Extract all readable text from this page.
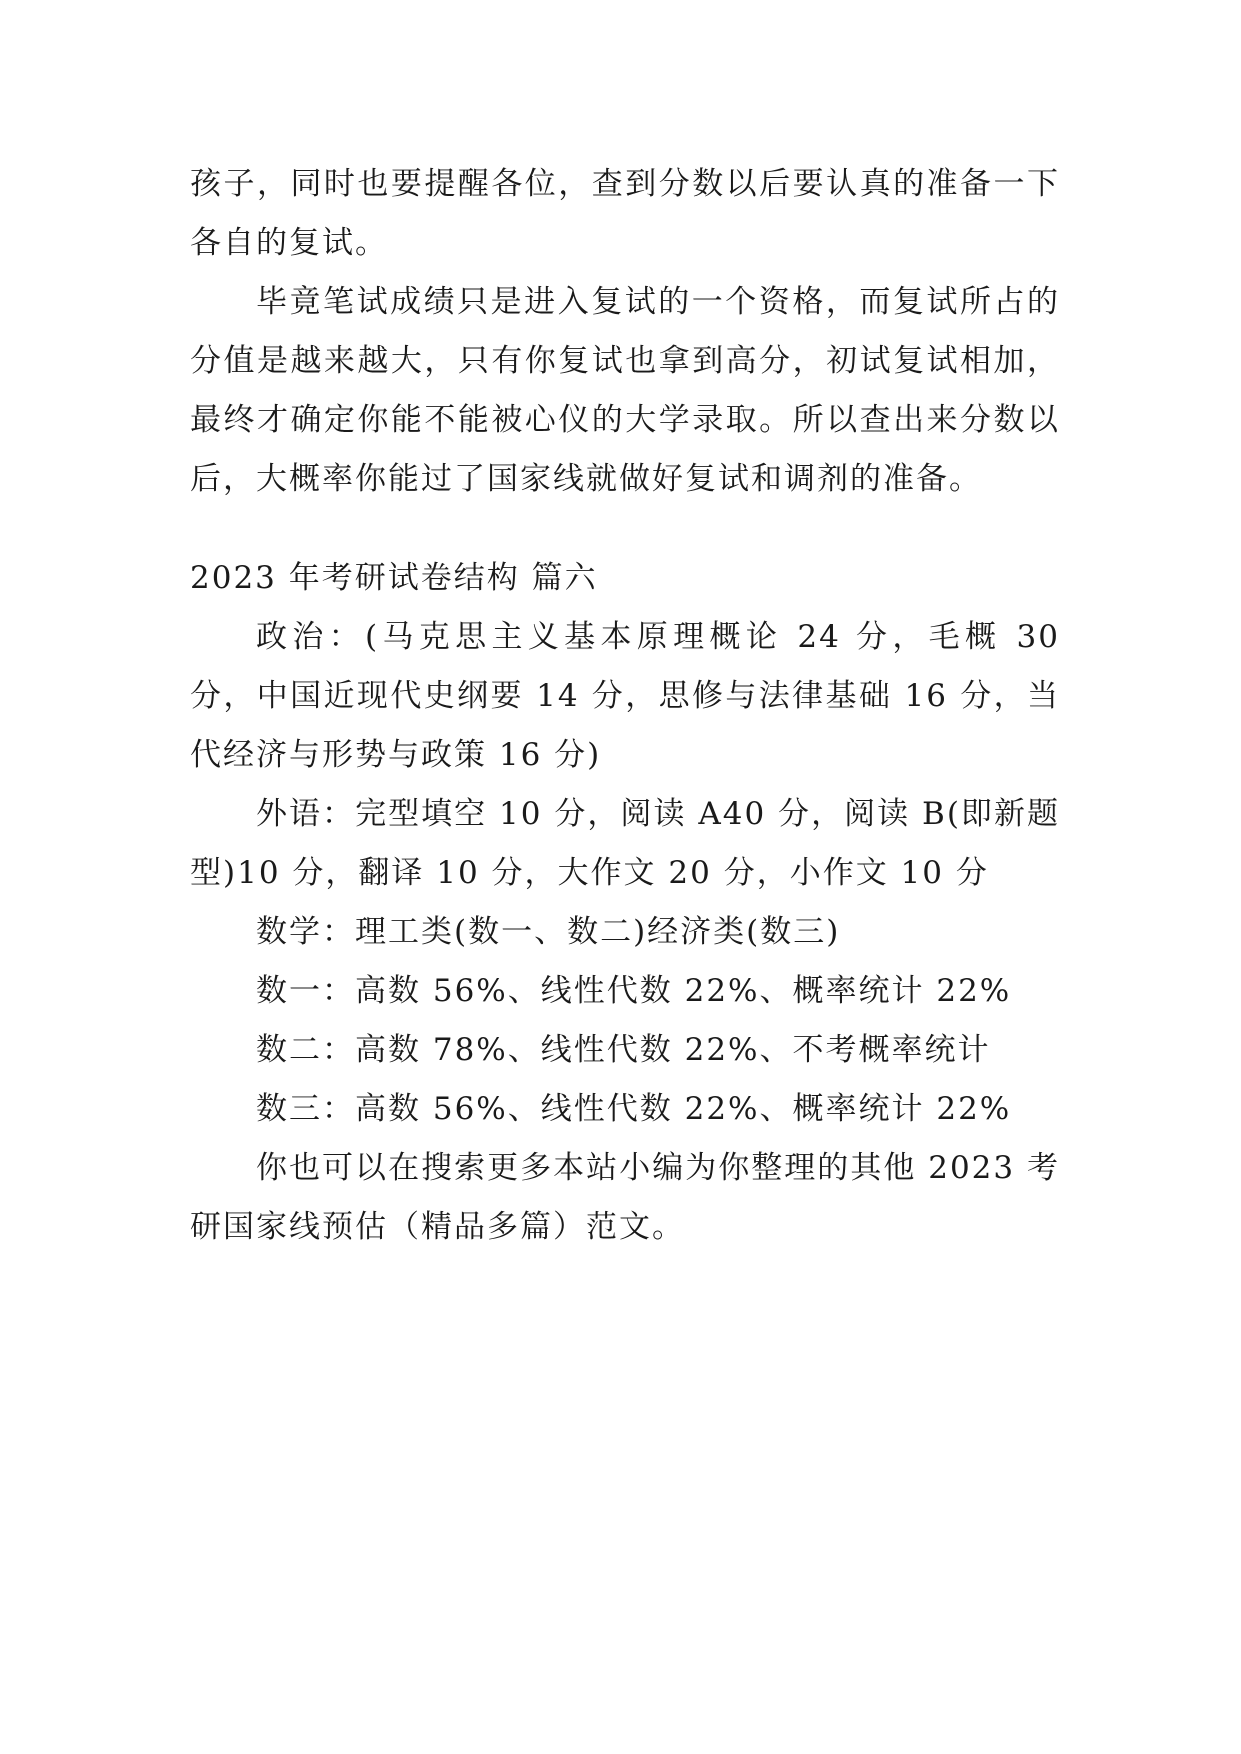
孩子，同时也要提醒各位，查到分数以后要认真的准备一下各自的复试。

毕竟笔试成绩只是进入复试的一个资格，而复试所占的分值是越来越大，只有你复试也拿到高分，初试复试相加，最终才确定你能不能被心仪的大学录取。所以查出来分数以后，大概率你能过了国家线就做好复试和调剂的准备。

2023 年考研试卷结构 篇六

政治：(马克思主义基本原理概论 24 分，毛概 30 分，中国近现代史纲要 14 分，思修与法律基础 16 分，当代经济与形势与政策 16 分)

外语：完型填空 10 分，阅读 A40 分，阅读 B(即新题型)10 分，翻译 10 分，大作文 20 分，小作文 10 分

数学：理工类(数一、数二)经济类(数三)

数一：高数 56%、线性代数 22%、概率统计 22%

数二：高数 78%、线性代数 22%、不考概率统计

数三：高数 56%、线性代数 22%、概率统计 22%

你也可以在搜索更多本站小编为你整理的其他 2023 考研国家线预估（精品多篇）范文。
